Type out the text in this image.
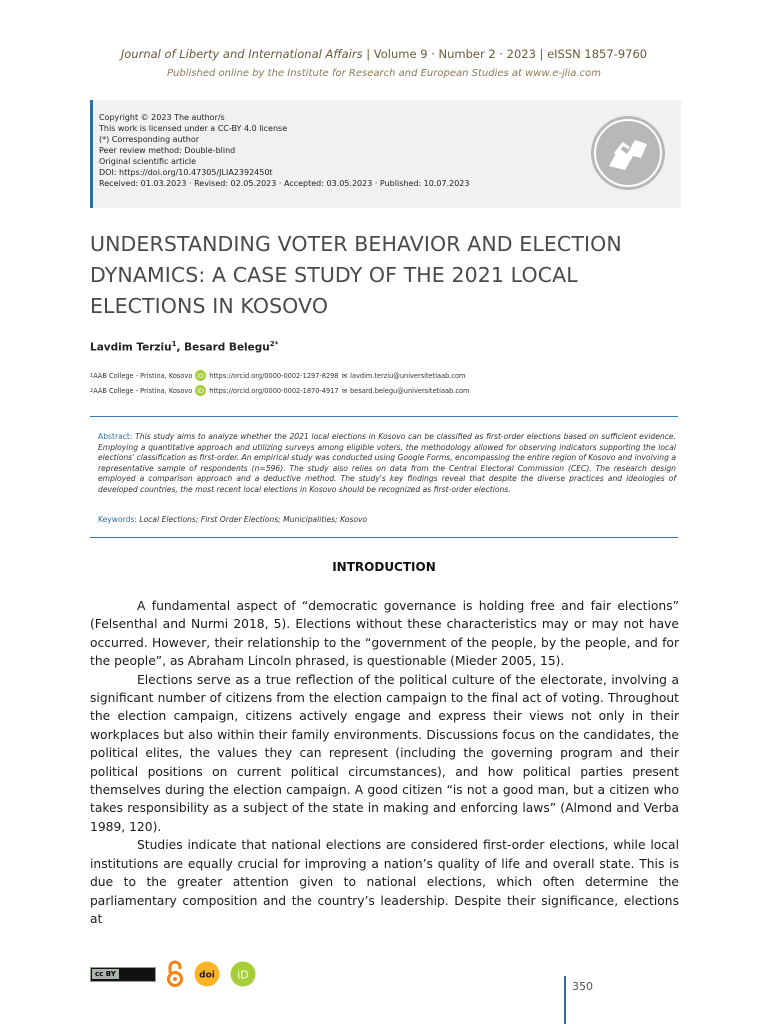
Journal of Liberty and International Affairs | Volume 9 · Number 2 · 2023 | eISSN 1857-9760
Published online by the Institute for Research and European Studies at www.e-jlia.com
Copyright © 2023 The author/s
This work is licensed under a CC-BY 4.0 license
(*) Corresponding author
Peer review method: Double-blind
Original scientific article
DOI: https://doi.org/10.47305/JLIA2392450t
Received: 01.03.2023 · Revised: 02.05.2023 · Accepted: 03.05.2023 · Published: 10.07.2023
UNDERSTANDING VOTER BEHAVIOR AND ELECTION DYNAMICS: A CASE STUDY OF THE 2021 LOCAL ELECTIONS IN KOSOVO
Lavdim Terziu$^1$, Besard Belegu$^{2*}$
1 AAB College - Pristina, Kosovo iD https://orcid.org/0000-0002-1297-8298 ✉ lavdim.terziu@universitetiaab.com
2 AAB College - Pristina, Kosovo iD https://orcid.org/0000-0002-1870-4917 ✉ besard.belegu@universitetiaab.com
Abstract: This study aims to analyze whether the 2021 local elections in Kosovo can be classified as first-order elections based on sufficient evidence. Employing a quantitative approach and utilizing surveys among eligible voters, the methodology allowed for observing indicators supporting the local elections' classification as first-order. An empirical study was conducted using Google Forms, encompassing the entire region of Kosovo and involving a representative sample of respondents (n=596). The study also relies on data from the Central Electoral Commission (CEC). The research design employed a comparison approach and a deductive method. The study's key findings reveal that despite the diverse practices and ideologies of developed countries, the most recent local elections in Kosovo should be recognized as first-order elections.
Keywords: Local Elections; First Order Elections; Municipalities; Kosovo
INTRODUCTION

A fundamental aspect of “democratic governance is holding free and fair elections” (Felsenthal and Nurmi 2018, 5). Elections without these characteristics may or may not have occurred. However, their relationship to the “government of the people, by the people, and for the people”, as Abraham Lincoln phrased, is questionable (Mieder 2005, 15).

Elections serve as a true reflection of the political culture of the electorate, involving a significant number of citizens from the election campaign to the final act of voting. Throughout the election campaign, citizens actively engage and express their views not only in their workplaces but also within their family environments. Discussions focus on the candidates, the political elites, the values they can represent (including the governing program and their political positions on current political circumstances), and how political parties present themselves during the election campaign. A good citizen “is not a good man, but a citizen who takes responsibility as a subject of the state in making and enforcing laws” (Almond and Verba 1989, 120).

Studies indicate that national elections are considered first-order elections, while local institutions are equally crucial for improving a nation’s quality of life and overall state. This is due to the greater attention given to national elections, which often determine the parliamentary composition and the country’s leadership. Despite their significance, elections at

cc BY	doi iD
350
